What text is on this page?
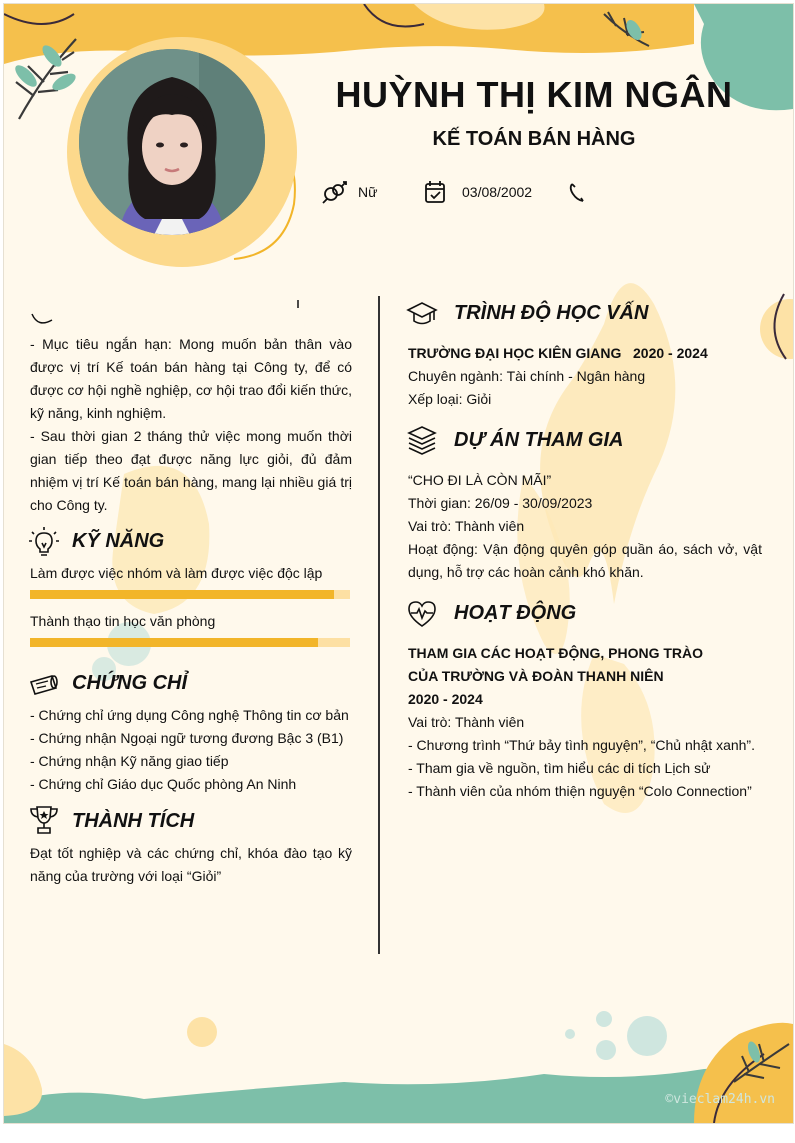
HUỲNH THỊ KIM NGÂN
KẾ TOÁN BÁN HÀNG
Nữ	03/08/2002
- Mục tiêu ngắn hạn: Mong muốn bản thân vào được vị trí Kế toán bán hàng tại Công ty, để có được cơ hội nghề nghiệp, cơ hội trao đổi kiến thức, kỹ năng, kinh nghiệm.
- Sau thời gian 2 tháng thử việc mong muốn thời gian tiếp theo đạt được năng lực giỏi, đủ đảm nhiệm vị trí Kế toán bán hàng, mang lại nhiều giá trị cho Công ty.
KỸ NĂNG
Làm được việc nhóm và làm được việc độc lập
Thành thạo tin học văn phòng
CHỨNG CHỈ
- Chứng chỉ ứng dụng Công nghệ Thông tin cơ bản
- Chứng nhận Ngoại ngữ tương đương Bậc 3 (B1)
- Chứng nhận Kỹ năng giao tiếp
- Chứng chỉ Giáo dục Quốc phòng An Ninh
THÀNH TÍCH
Đạt tốt nghiệp và các chứng chỉ, khóa đào tạo kỹ năng của trường với loại “Giỏi”
TRÌNH ĐỘ HỌC VẤN
TRƯỜNG ĐẠI HỌC KIÊN GIANG 2020 - 2024
Chuyên ngành: Tài chính - Ngân hàng
Xếp loại: Giỏi
DỰ ÁN THAM GIA
“CHO ĐI LÀ CÒN MÃI”
Thời gian: 26/09 - 30/09/2023
Vai trò: Thành viên
Hoạt động: Vận động quyên góp quần áo, sách vở, vật dụng, hỗ trợ các hoàn cảnh khó khăn.
HOẠT ĐỘNG
THAM GIA CÁC HOẠT ĐỘNG, PHONG TRÀO
CỦA TRƯỜNG VÀ ĐOÀN THANH NIÊN
2020 - 2024
Vai trò: Thành viên
- Chương trình “Thứ bảy tình nguyện”, “Chủ nhật xanh”.
- Tham gia về nguồn, tìm hiểu các di tích Lịch sử
- Thành viên của nhóm thiện nguyện “Colo Connection”
©vieclam24h.vn
